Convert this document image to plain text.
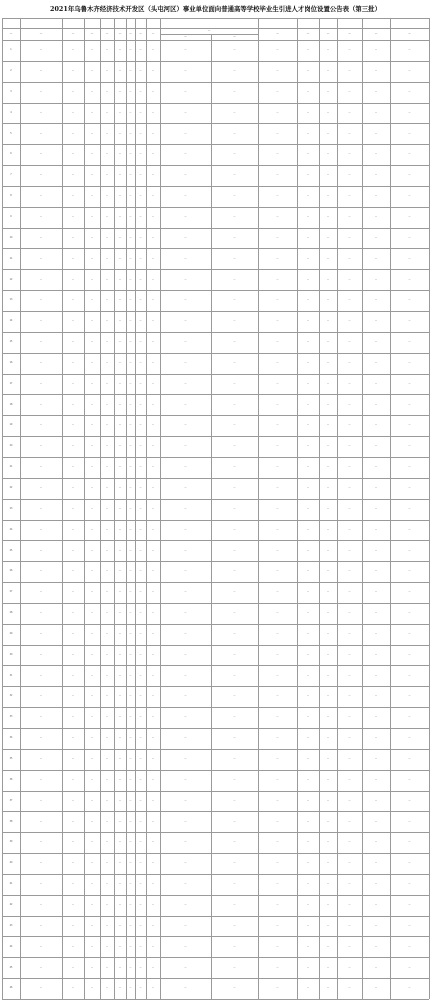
2021年乌鲁木齐经济技术开发区（头屯河区）事业单位面向普通高等学校毕业生引进人才岗位设置公告表（第三批）
—	—	—	—	—	—	—	—	—
—
—	—
—	—	—	—	—	—
1	—	—	—	—	—	—	—	—	—	—	—	—	—	—	—	—
2	—	—	—	—	—	—	—	—	—	—	—	—	—	—	—	—
3	—	—	—	—	—	—	—	—	—	—	—	—	—	—	—	—
4	—	—	—	—	—	—	—	—	—	—	—	—	—	—	—	—
5	—	—	—	—	—	—	—	—	—	—	—	—	—	—	—	—
6	—	—	—	—	—	—	—	—	—	—	—	—	—	—	—	—
7	—	—	—	—	—	—	—	—	—	—	—	—	—	—	—	—
8	—	—	—	—	—	—	—	—	—	—	—	—	—	—	—	—
9	—	—	—	—	—	—	—	—	—	—	—	—	—	—	—	—
10	—	—	—	—	—	—	—	—	—	—	—	—	—	—	—	—
11	—	—	—	—	—	—	—	—	—	—	—	—	—	—	—	—
12	—	—	—	—	—	—	—	—	—	—	—	—	—	—	—	—
13	—	—	—	—	—	—	—	—	—	—	—	—	—	—	—	—
14	—	—	—	—	—	—	—	—	—	—	—	—	—	—	—	—
15	—	—	—	—	—	—	—	—	—	—	—	—	—	—	—	—
16	—	—	—	—	—	—	—	—	—	—	—	—	—	—	—	—
17	—	—	—	—	—	—	—	—	—	—	—	—	—	—	—	—
18	—	—	—	—	—	—	—	—	—	—	—	—	—	—	—	—
19	—	—	—	—	—	—	—	—	—	—	—	—	—	—	—	—
20	—	—	—	—	—	—	—	—	—	—	—	—	—	—	—	—
21	—	—	—	—	—	—	—	—	—	—	—	—	—	—	—	—
22	—	—	—	—	—	—	—	—	—	—	—	—	—	—	—	—
23	—	—	—	—	—	—	—	—	—	—	—	—	—	—	—	—
24	—	—	—	—	—	—	—	—	—	—	—	—	—	—	—	—
25	—	—	—	—	—	—	—	—	—	—	—	—	—	—	—	—
26	—	—	—	—	—	—	—	—	—	—	—	—	—	—	—	—
27	—	—	—	—	—	—	—	—	—	—	—	—	—	—	—	—
28	—	—	—	—	—	—	—	—	—	—	—	—	—	—	—	—
29	—	—	—	—	—	—	—	—	—	—	—	—	—	—	—	—
30	—	—	—	—	—	—	—	—	—	—	—	—	—	—	—	—
31	—	—	—	—	—	—	—	—	—	—	—	—	—	—	—	—
32	—	—	—	—	—	—	—	—	—	—	—	—	—	—	—	—
33	—	—	—	—	—	—	—	—	—	—	—	—	—	—	—	—
34	—	—	—	—	—	—	—	—	—	—	—	—	—	—	—	—
35	—	—	—	—	—	—	—	—	—	—	—	—	—	—	—	—
36	—	—	—	—	—	—	—	—	—	—	—	—	—	—	—	—
37	—	—	—	—	—	—	—	—	—	—	—	—	—	—	—	—
38	—	—	—	—	—	—	—	—	—	—	—	—	—	—	—	—
39	—	—	—	—	—	—	—	—	—	—	—	—	—	—	—	—
40	—	—	—	—	—	—	—	—	—	—	—	—	—	—	—	—
41	—	—	—	—	—	—	—	—	—	—	—	—	—	—	—	—
42	—	—	—	—	—	—	—	—	—	—	—	—	—	—	—	—
43	—	—	—	—	—	—	—	—	—	—	—	—	—	—	—	—
44	—	—	—	—	—	—	—	—	—	—	—	—	—	—	—	—
45	—	—	—	—	—	—	—	—	—	—	—	—	—	—	—	—
46	—	—	—	—	—	—	—	—	—	—	—	—	—	—	—	—
